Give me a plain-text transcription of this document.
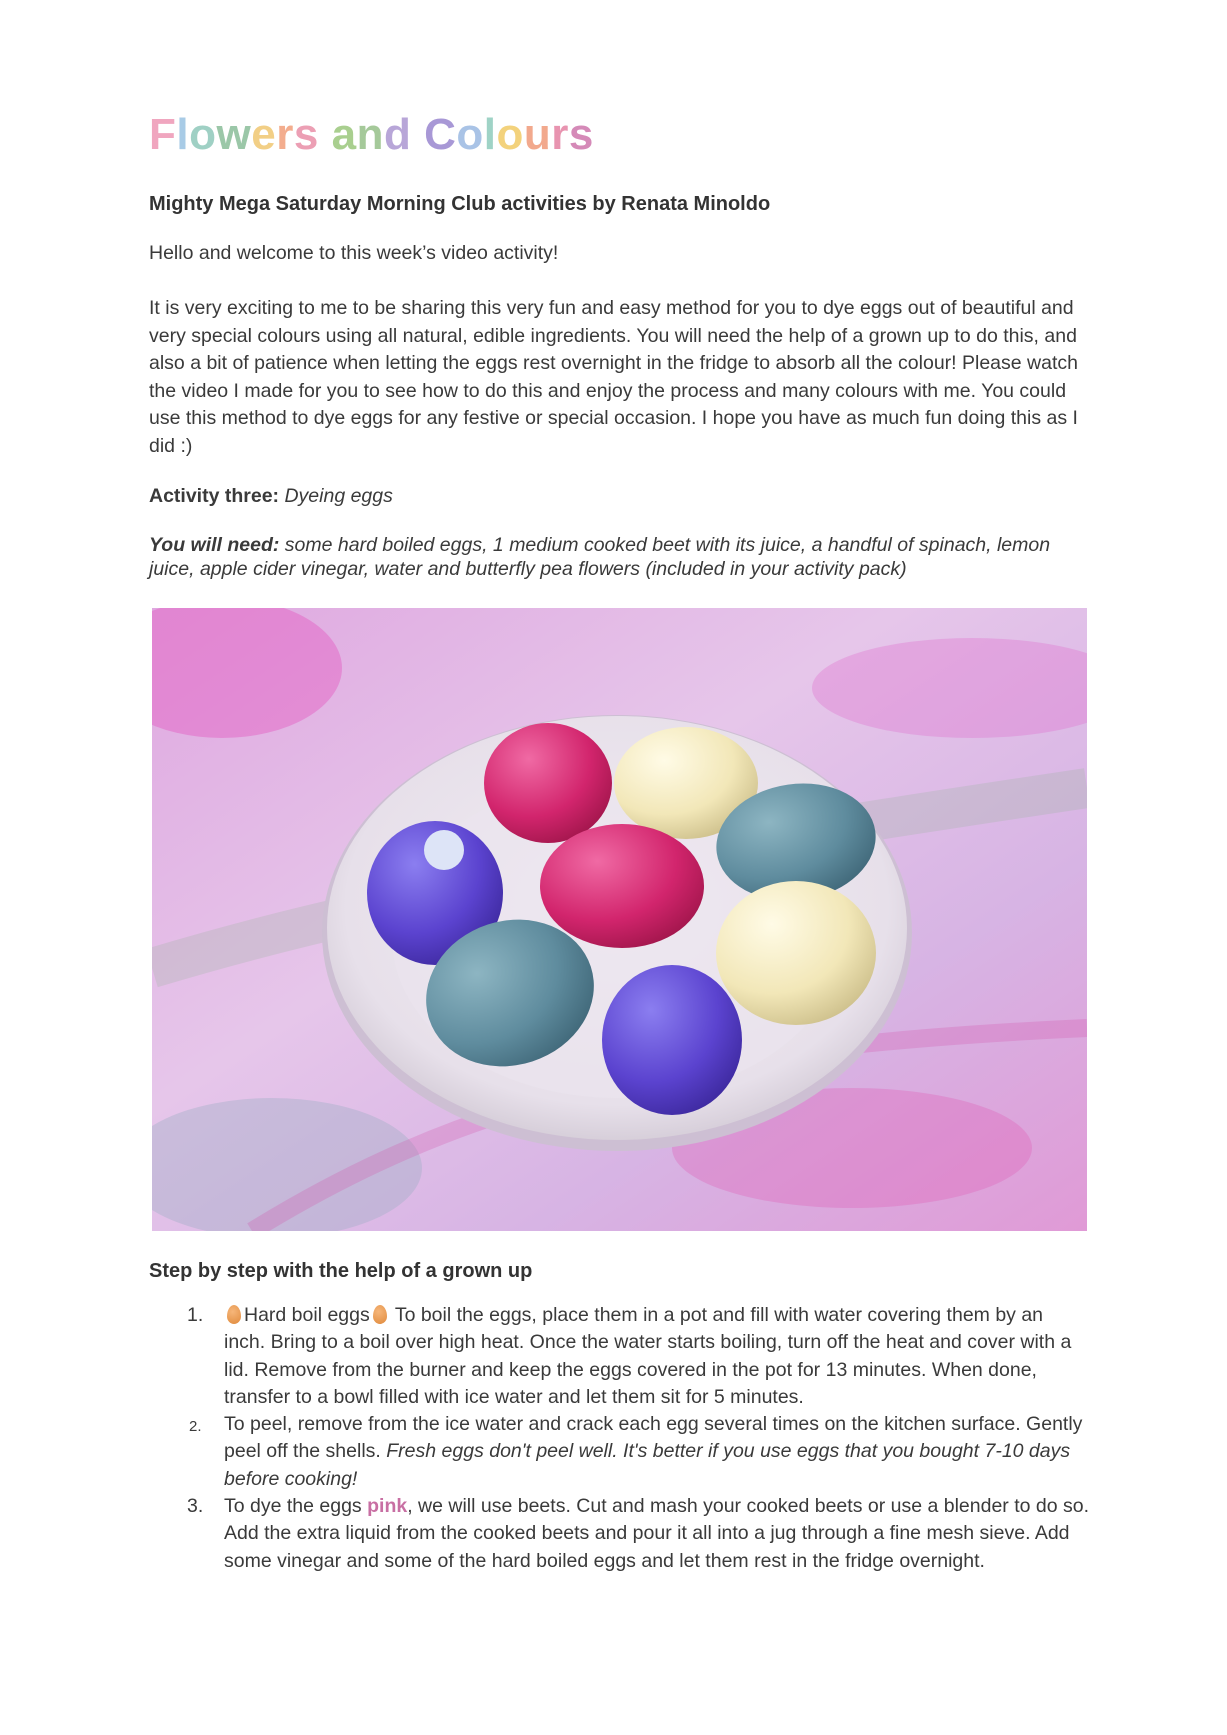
Flowers and Colours
Mighty Mega Saturday Morning Club activities by Renata Minoldo
Hello and welcome to this week’s video activity!
It is very exciting to me to be sharing this very fun and easy method for you to dye eggs out of beautiful and very special colours using all natural, edible ingredients. You will need the help of a grown up to do this, and also a bit of patience when letting the eggs rest overnight in the fridge to absorb all the colour! Please watch the video I made for you to see how to do this and enjoy the process and many colours with me. You could use this method to dye eggs for any festive or special occasion. I hope you have as much fun doing this as I did :)
Activity three: Dyeing eggs
You will need: some hard boiled eggs, 1 medium cooked beet with its juice, a handful of spinach, lemon juice, apple cider vinegar, water and butterfly pea flowers (included in your activity pack)
Step by step with the help of a grown up
1. Hard boil eggs To boil the eggs, place them in a pot and fill with water covering them by an inch. Bring to a boil over high heat. Once the water starts boiling, turn off the heat and cover with a lid. Remove from the burner and keep the eggs covered in the pot for 13 minutes. When done, transfer to a bowl filled with ice water and let them sit for 5 minutes.
2. To peel, remove from the ice water and crack each egg several times on the kitchen surface. Gently peel off the shells. Fresh eggs don't peel well. It's better if you use eggs that you bought 7-10 days before cooking!
3. To dye the eggs pink, we will use beets. Cut and mash your cooked beets or use a blender to do so. Add the extra liquid from the cooked beets and pour it all into a jug through a fine mesh sieve. Add some vinegar and some of the hard boiled eggs and let them rest in the fridge overnight.
